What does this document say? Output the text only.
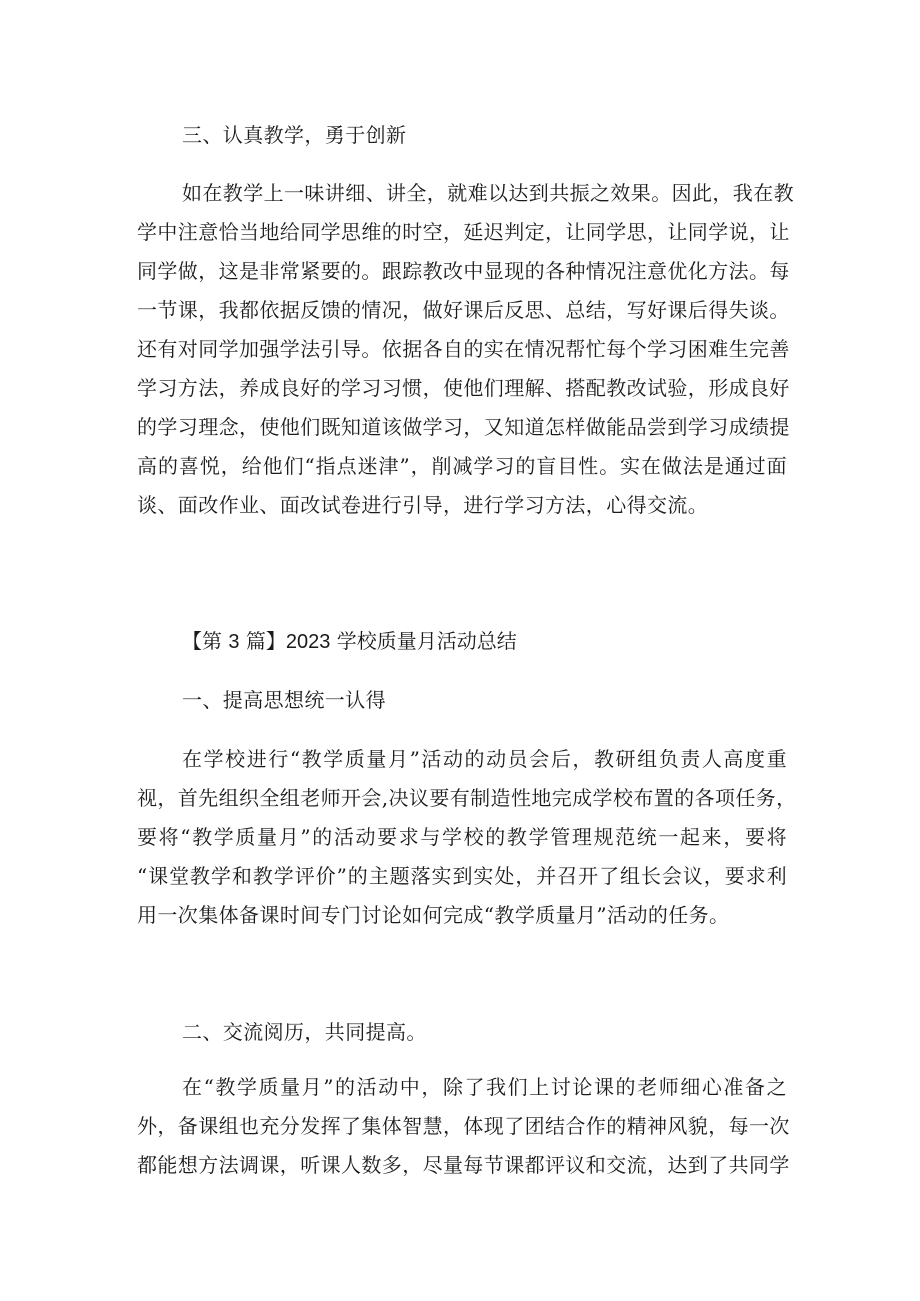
三、认真教学，勇于创新
如在教学上一味讲细、讲全，就难以达到共振之效果。因此，我在教
学中注意恰当地给同学思维的时空，延迟判定，让同学思，让同学说，让
同学做，这是非常紧要的。跟踪教改中显现的各种情况注意优化方法。每
一节课，我都依据反馈的情况，做好课后反思、总结，写好课后得失谈。
还有对同学加强学法引导。依据各自的实在情况帮忙每个学习困难生完善
学习方法，养成良好的学习习惯，使他们理解、搭配教改试验，形成良好
的学习理念，使他们既知道该做学习，又知道怎样做能品尝到学习成绩提
高的喜悦，给他们“指点迷津”，削减学习的盲目性。实在做法是通过面
谈、面改作业、面改试卷进行引导，进行学习方法，心得交流。
【第 3 篇】2023 学校质量月活动总结
一、提高思想统一认得
在学校进行“教学质量月”活动的动员会后，教研组负责人高度重
视，首先组织全组老师开会,决议要有制造性地完成学校布置的各项任务，
要将“教学质量月”的活动要求与学校的教学管理规范统一起来，要将
“课堂教学和教学评价”的主题落实到实处，并召开了组长会议，要求利
用一次集体备课时间专门讨论如何完成“教学质量月”活动的任务。
二、交流阅历，共同提高。
在“教学质量月”的活动中，除了我们上讨论课的老师细心准备之
外，备课组也充分发挥了集体智慧，体现了团结合作的精神风貌，每一次
都能想方法调课，听课人数多，尽量每节课都评议和交流，达到了共同学
